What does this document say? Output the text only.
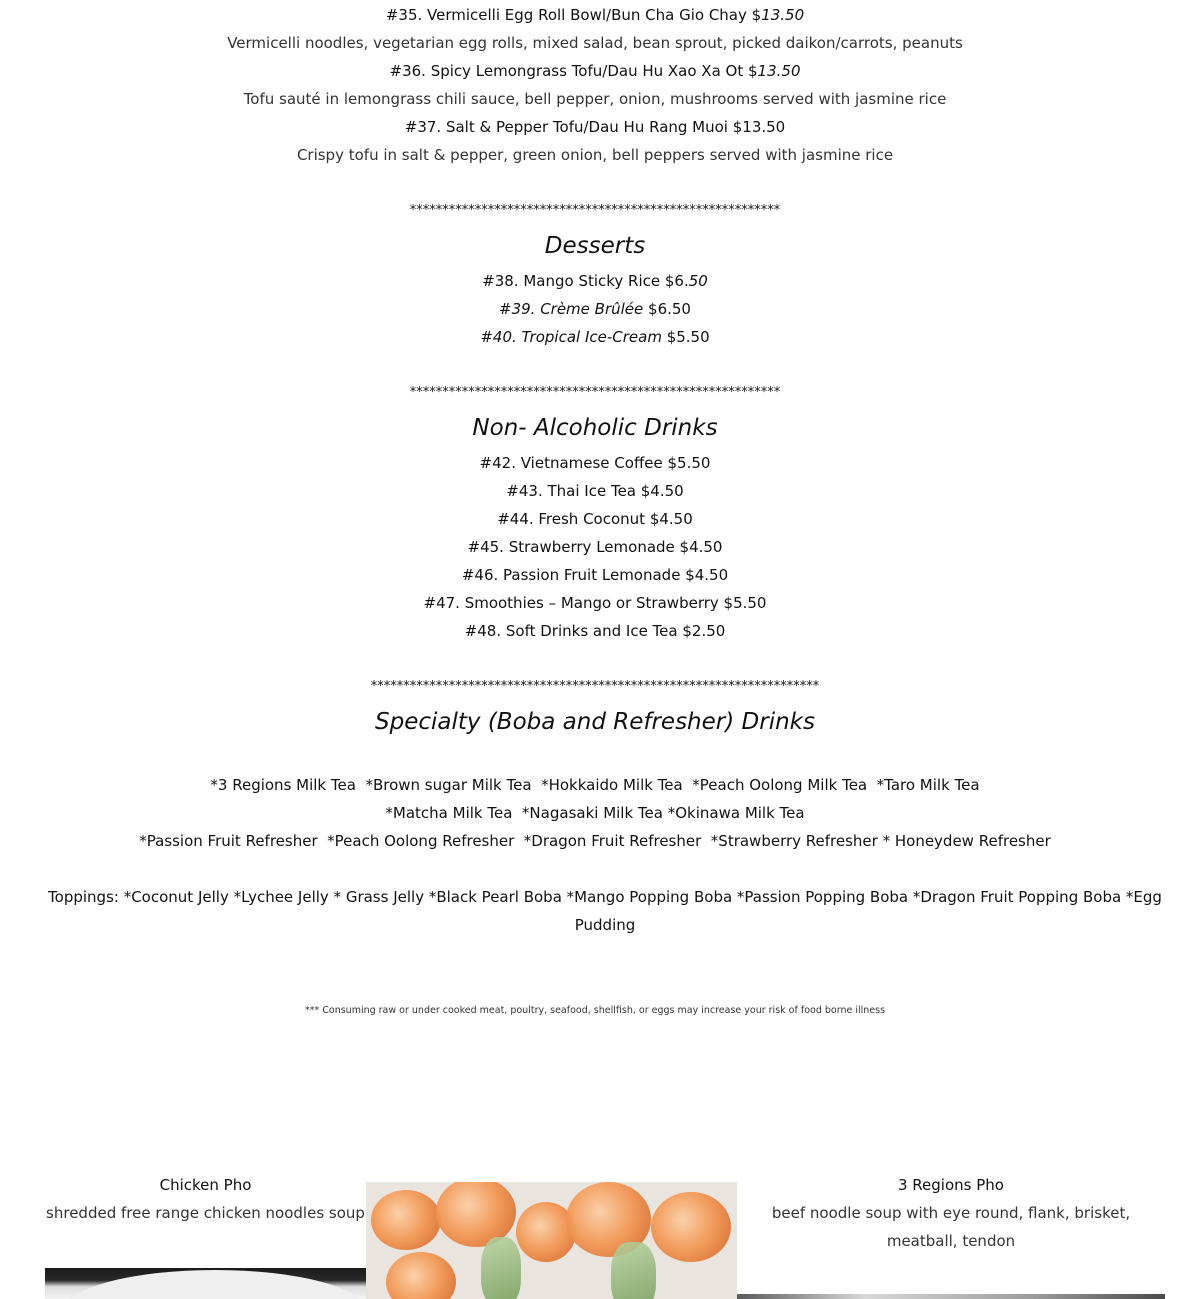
#35. Vermicelli Egg Roll Bowl/Bun Cha Gio Chay $13.50
Vermicelli noodles, vegetarian egg rolls, mixed salad, bean sprout, picked daikon/carrots, peanuts
#36. Spicy Lemongrass Tofu/Dau Hu Xao Xa Ot $13.50
Tofu sauté in lemongrass chili sauce, bell pepper, onion, mushrooms served with jasmine rice
#37. Salt & Pepper Tofu/Dau Hu Rang Muoi $13.50
Crispy tofu in salt & pepper, green onion, bell peppers served with jasmine rice
*********************************************************
Desserts
#38. Mango Sticky Rice $6.50
#39. Crème Brûlée $6.50
#40. Tropical Ice-Cream $5.50
*********************************************************
Non- Alcoholic Drinks
#42. Vietnamese Coffee $5.50
#43. Thai Ice Tea $4.50
#44. Fresh Coconut $4.50
#45. Strawberry Lemonade $4.50
#46. Passion Fruit Lemonade $4.50
#47. Smoothies – Mango or Strawberry $5.50
#48. Soft Drinks and Ice Tea $2.50
*********************************************************************
Specialty (Boba and Refresher) Drinks
*3 Regions Milk Tea  *Brown sugar Milk Tea  *Hokkaido Milk Tea  *Peach Oolong Milk Tea  *Taro Milk Tea
*Matcha Milk Tea  *Nagasaki Milk Tea *Okinawa Milk Tea
*Passion Fruit Refresher  *Peach Oolong Refresher  *Dragon Fruit Refresher  *Strawberry Refresher * Honeydew Refresher
Toppings: *Coconut Jelly *Lychee Jelly * Grass Jelly *Black Pearl Boba *Mango Popping Boba *Passion Popping Boba *Dragon Fruit Popping Boba *Egg Pudding
*** Consuming raw or under cooked meat, poultry, seafood, shellfish, or eggs may increase your risk of food borne illness
Chicken Pho
shredded free range chicken noodles soup
3 Regions Pho
beef noodle soup with eye round, flank, brisket, meatball, tendon
